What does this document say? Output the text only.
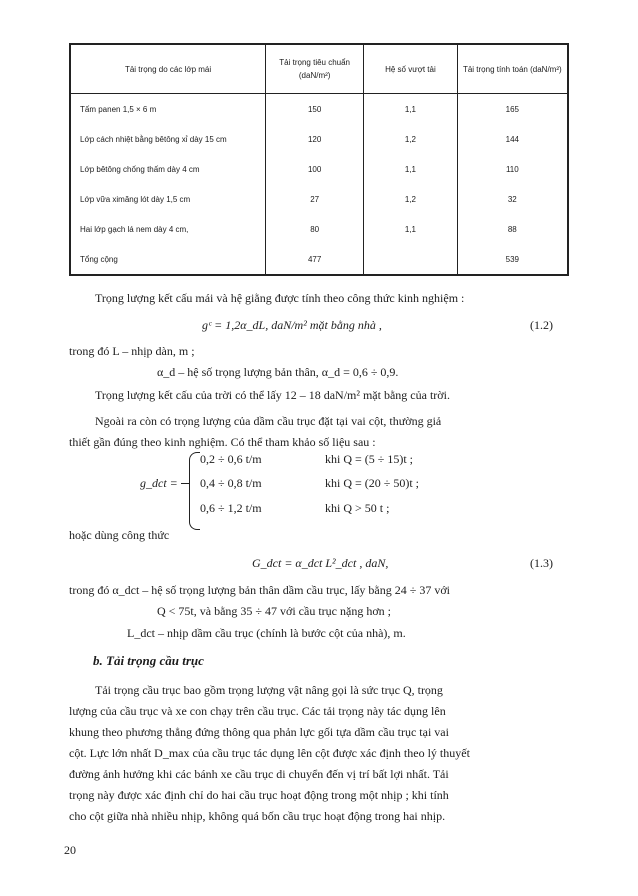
Tải trọng do các lớp mái	Tải trọng tiêu chuẩn (daN/m²)	Hệ số vượt tải	Tải trọng tính toán (daN/m²)
Tấm panen 1,5 × 6 m	150	1,1	165
Lớp cách nhiệt bằng bêtông xỉ dày 15 cm	120	1,2	144
Lớp bêtông chống thấm dày 4 cm	100	1,1	110
Lớp vữa ximăng lót dày 1,5 cm	27	1,2	32
Hai lớp gạch lá nem dày 4 cm,	80	1,1	88
Tổng cộng	477		539
Trọng lượng kết cấu mái và hệ giằng được tính theo công thức kinh nghiệm :
gᶜ = 1,2α_dL, daN/m² mặt bằng nhà ,	(1.2)
trong đó L – nhịp dàn, m ;
α_d – hệ số trọng lượng bản thân, α_d = 0,6 ÷ 0,9.
Trọng lượng kết cấu của trời có thể lấy 12 – 18 daN/m² mặt bằng của trời.
Ngoài ra còn có trọng lượng của dầm cầu trục đặt tại vai cột, thường giả
thiết gần đúng theo kinh nghiệm. Có thể tham khảo số liệu sau :
g_dct =
0,2 ÷ 0,6 t/m	khi Q = (5 ÷ 15)t ;
0,4 ÷ 0,8 t/m	khi Q = (20 ÷ 50)t ;
0,6 ÷ 1,2 t/m	khi Q > 50 t ;
hoặc dùng công thức
G_dct = α_dct L²_dct , daN,	(1.3)
trong đó α_dct – hệ số trọng lượng bản thân dầm cầu trục, lấy bằng 24 ÷ 37 với
Q < 75t, và bằng 35 ÷ 47 với cầu trục nặng hơn ;
L_dct – nhịp dầm cầu trục (chính là bước cột của nhà), m.
b. Tải trọng cầu trục
Tải trọng cầu trục bao gồm trọng lượng vật nâng gọi là sức trục Q, trọng
lượng của cầu trục và xe con chạy trên cầu trục. Các tải trọng này tác dụng lên
khung theo phương thẳng đứng thông qua phản lực gối tựa dầm cầu trục tại vai
cột. Lực lớn nhất D_max của cầu trục tác dụng lên cột được xác định theo lý thuyết
đường ảnh hưởng khi các bánh xe cầu trục di chuyển đến vị trí bất lợi nhất. Tải
trọng này được xác định chỉ do hai cầu trục hoạt động trong một nhịp ; khi tính
cho cột giữa nhà nhiều nhịp, không quá bốn cầu trục hoạt động trong hai nhịp.
20
